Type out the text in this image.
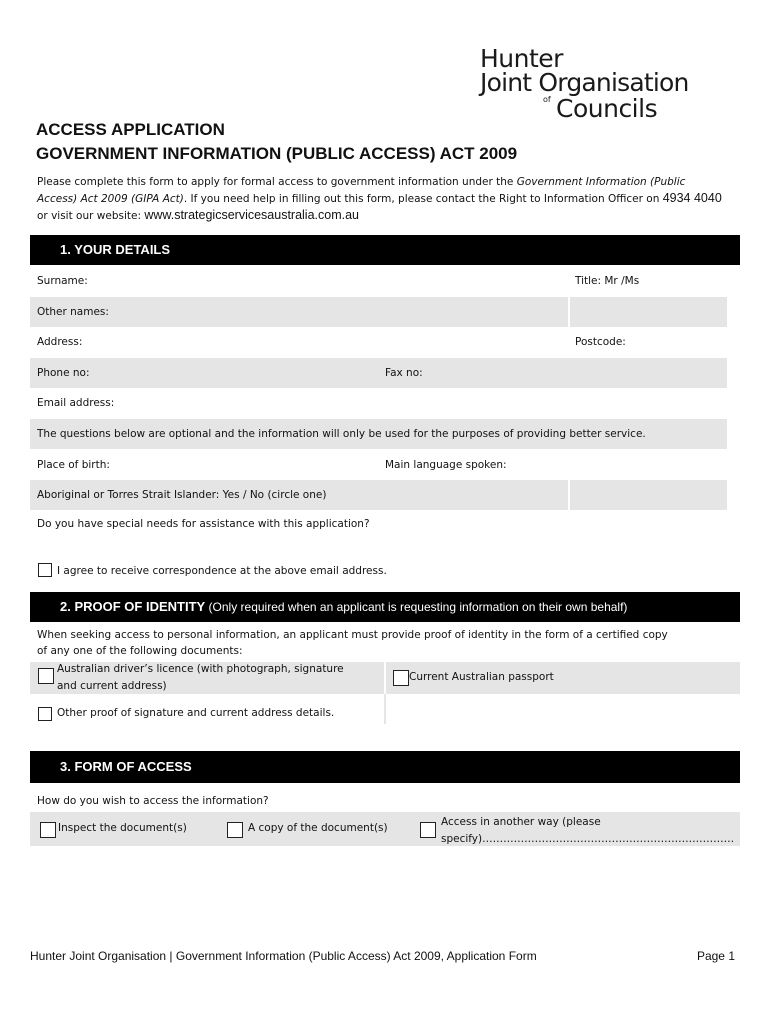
Hunter
Joint Organisation
of Councils
ACCESS APPLICATION
GOVERNMENT INFORMATION (PUBLIC ACCESS) ACT 2009
Please complete this form to apply for formal access to government information under the Government Information (Public Access) Act 2009 (GIPA Act). If you need help in filling out this form, please contact the Right to Information Officer on 4934 4040 or visit our website: www.strategicservicesaustralia.com.au
1. YOUR DETAILS
Surname:	Title: Mr /Ms
Other names:
Address:	Postcode:
Phone no:	Fax no:
Email address:
The questions below are optional and the information will only be used for the purposes of providing better service.
Place of birth:	Main language spoken:
Aboriginal or Torres Strait Islander: Yes / No (circle one)
Do you have special needs for assistance with this application?
I agree to receive correspondence at the above email address.
2. PROOF OF IDENTITY (Only required when an applicant is requesting information on their own behalf)
When seeking access to personal information, an applicant must provide proof of identity in the form of a certified copy
of any one of the following documents:
Australian driver’s licence (with photograph, signature
and current address)
Current Australian passport
Other proof of signature and current address details.
3. FORM OF ACCESS
How do you wish to access the information?
Inspect the document(s)	A copy of the document(s)	Access in another way (please
specify)………………………………………………………………
Hunter Joint Organisation | Government Information (Public Access) Act 2009, Application Form	Page 1
